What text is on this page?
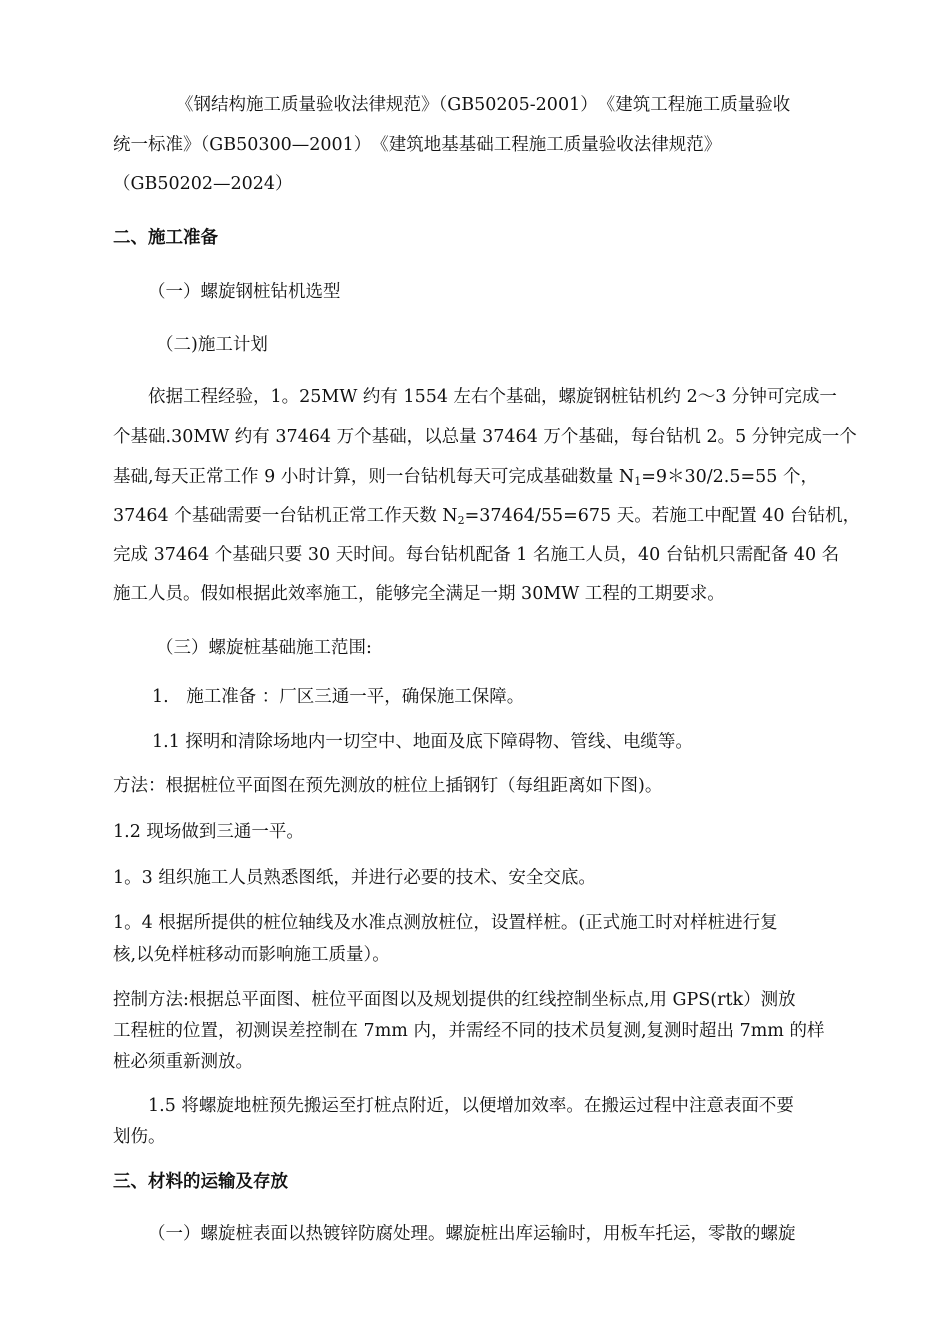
《钢结构施工质量验收法律规范》（GB50205-2001）　《建筑工程施工质量验收
统一标准》（GB50300—2001）　《建筑地基基础工程施工质量验收法律规范》
（GB50202—2024）
二、施工准备
（一）螺旋钢桩钻机选型
（二)施工计划
依据工程经验，1。25MW 约有 1554 左右个基础，螺旋钢桩钻机约 2～3 分钟可完成一
个基础.30MW 约有 37464 万个基础，以总量 37464 万个基础，每台钻机 2。5 分钟完成一个
基础,每天正常工作 9 小时计算，则一台钻机每天可完成基础数量 $N_1=9*30/2.5=55$ 个，
37464 个基础需要一台钻机正常工作天数 $N_2=37464/55=675$ 天。若施工中配置 40 台钻机，
完成 37464 个基础只要 30 天时间。每台钻机配备 1 名施工人员，40 台钻机只需配备 40 名
施工人员。假如根据此效率施工，能够完全满足一期 30MW 工程的工期要求。
（三）螺旋桩基础施工范围:
1.　施工准备 ：厂区三通一平，确保施工保障。
1.1 探明和清除场地内一切空中、地面及底下障碍物、管线、电缆等。
方法：根据桩位平面图在预先测放的桩位上插钢钉（每组距离如下图)。
1.2 现场做到三通一平。
1。3 组织施工人员熟悉图纸，并进行必要的技术、安全交底。
1。4 根据所提供的桩位轴线及水准点测放桩位，设置样桩。(正式施工时对样桩进行复
核,以免样桩移动而影响施工质量）。
控制方法:根据总平面图、桩位平面图以及规划提供的红线控制坐标点,用 GPS(rtk）测放
工程桩的位置，初测误差控制在 7mm 内，并需经不同的技术员复测,复测时超出 7mm 的样
桩必须重新测放。
1.5 将螺旋地桩预先搬运至打桩点附近，以便增加效率。在搬运过程中注意表面不要
划伤。
三、材料的运输及存放
（一）螺旋桩表面以热镀锌防腐处理。螺旋桩出库运输时，用板车托运，零散的螺旋
